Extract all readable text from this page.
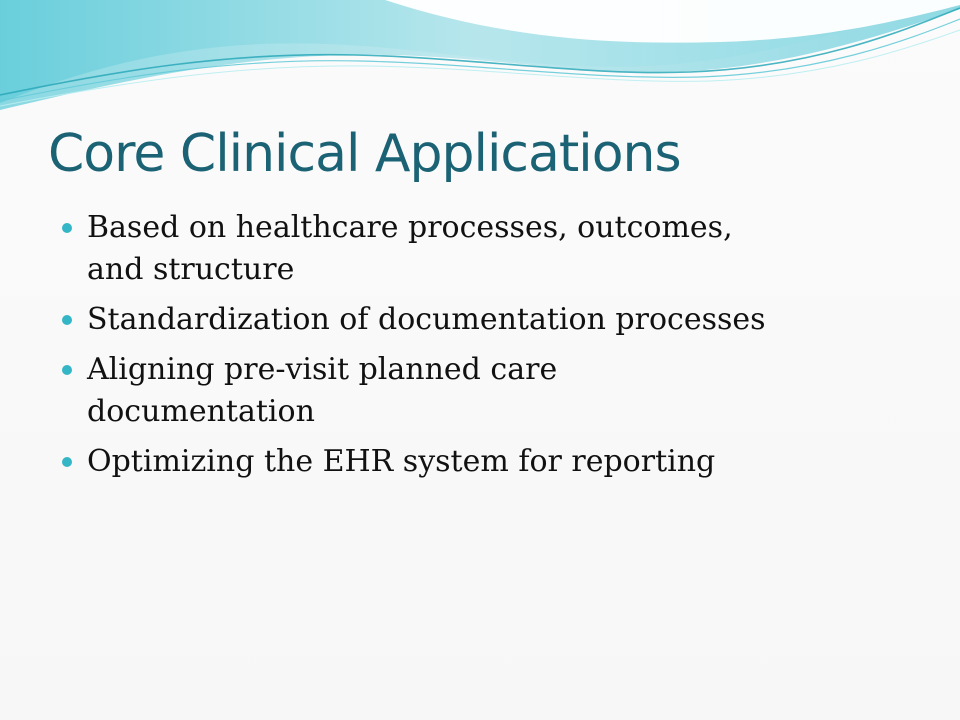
Core Clinical Applications
Based on healthcare processes, outcomes, and structure
Standardization of documentation processes
Aligning pre-visit planned care documentation
Optimizing the EHR system for reporting
